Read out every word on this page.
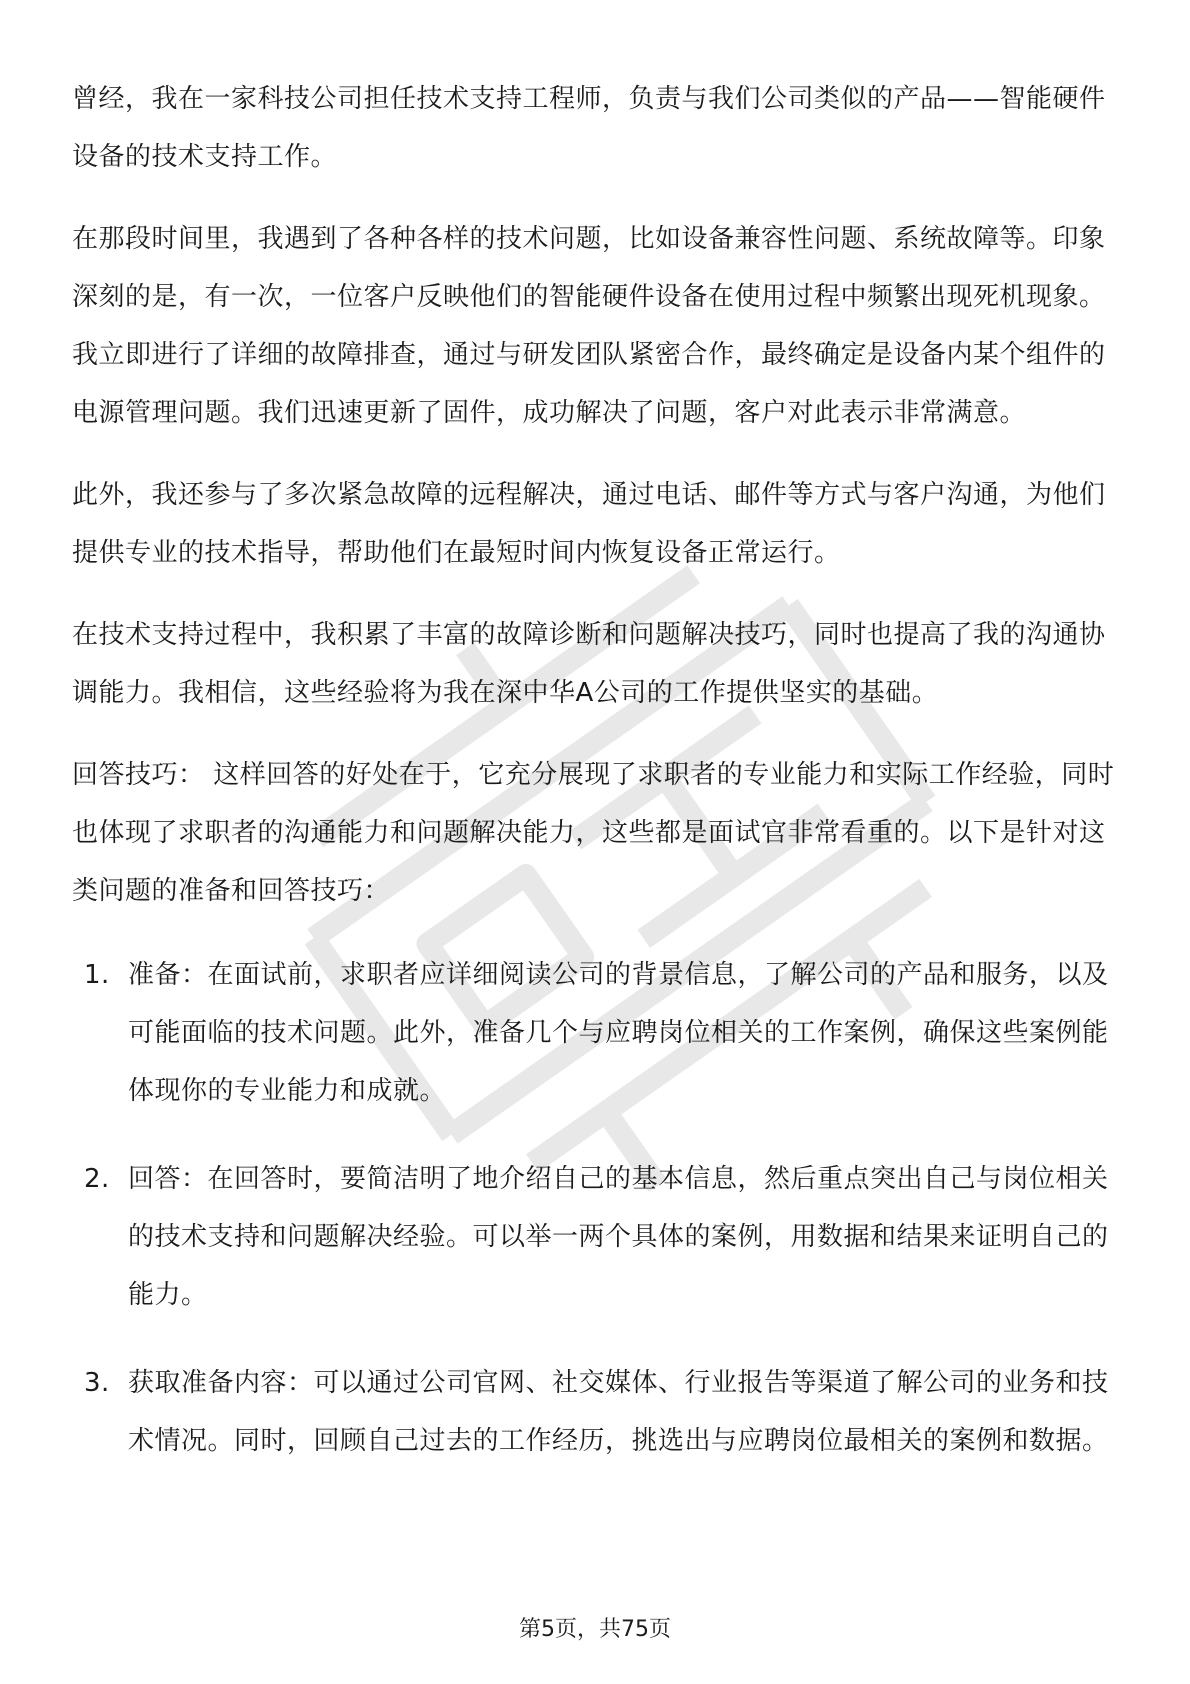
曾经，我在一家科技公司担任技术支持工程师，负责与我们公司类似的产品——智能硬件设备的技术支持工作。

在那段时间里，我遇到了各种各样的技术问题，比如设备兼容性问题、系统故障等。印象深刻的是，有一次，一位客户反映他们的智能硬件设备在使用过程中频繁出现死机现象。我立即进行了详细的故障排查，通过与研发团队紧密合作，最终确定是设备内某个组件的电源管理问题。我们迅速更新了固件，成功解决了问题，客户对此表示非常满意。

此外，我还参与了多次紧急故障的远程解决，通过电话、邮件等方式与客户沟通，为他们提供专业的技术指导，帮助他们在最短时间内恢复设备正常运行。

在技术支持过程中，我积累了丰富的故障诊断和问题解决技巧，同时也提高了我的沟通协调能力。我相信，这些经验将为我在深中华A公司的工作提供坚实的基础。

回答技巧： 这样回答的好处在于，它充分展现了求职者的专业能力和实际工作经验，同时也体现了求职者的沟通能力和问题解决能力，这些都是面试官非常看重的。以下是针对这类问题的准备和回答技巧：

1. 准备：在面试前，求职者应详细阅读公司的背景信息，了解公司的产品和服务，以及可能面临的技术问题。此外，准备几个与应聘岗位相关的工作案例，确保这些案例能体现你的专业能力和成就。
2. 回答：在回答时，要简洁明了地介绍自己的基本信息，然后重点突出自己与岗位相关的技术支持和问题解决经验。可以举一两个具体的案例，用数据和结果来证明自己的能力。
3. 获取准备内容：可以通过公司官网、社交媒体、行业报告等渠道了解公司的业务和技术情况。同时，回顾自己过去的工作经历，挑选出与应聘岗位最相关的案例和数据。
第5页，共75页
